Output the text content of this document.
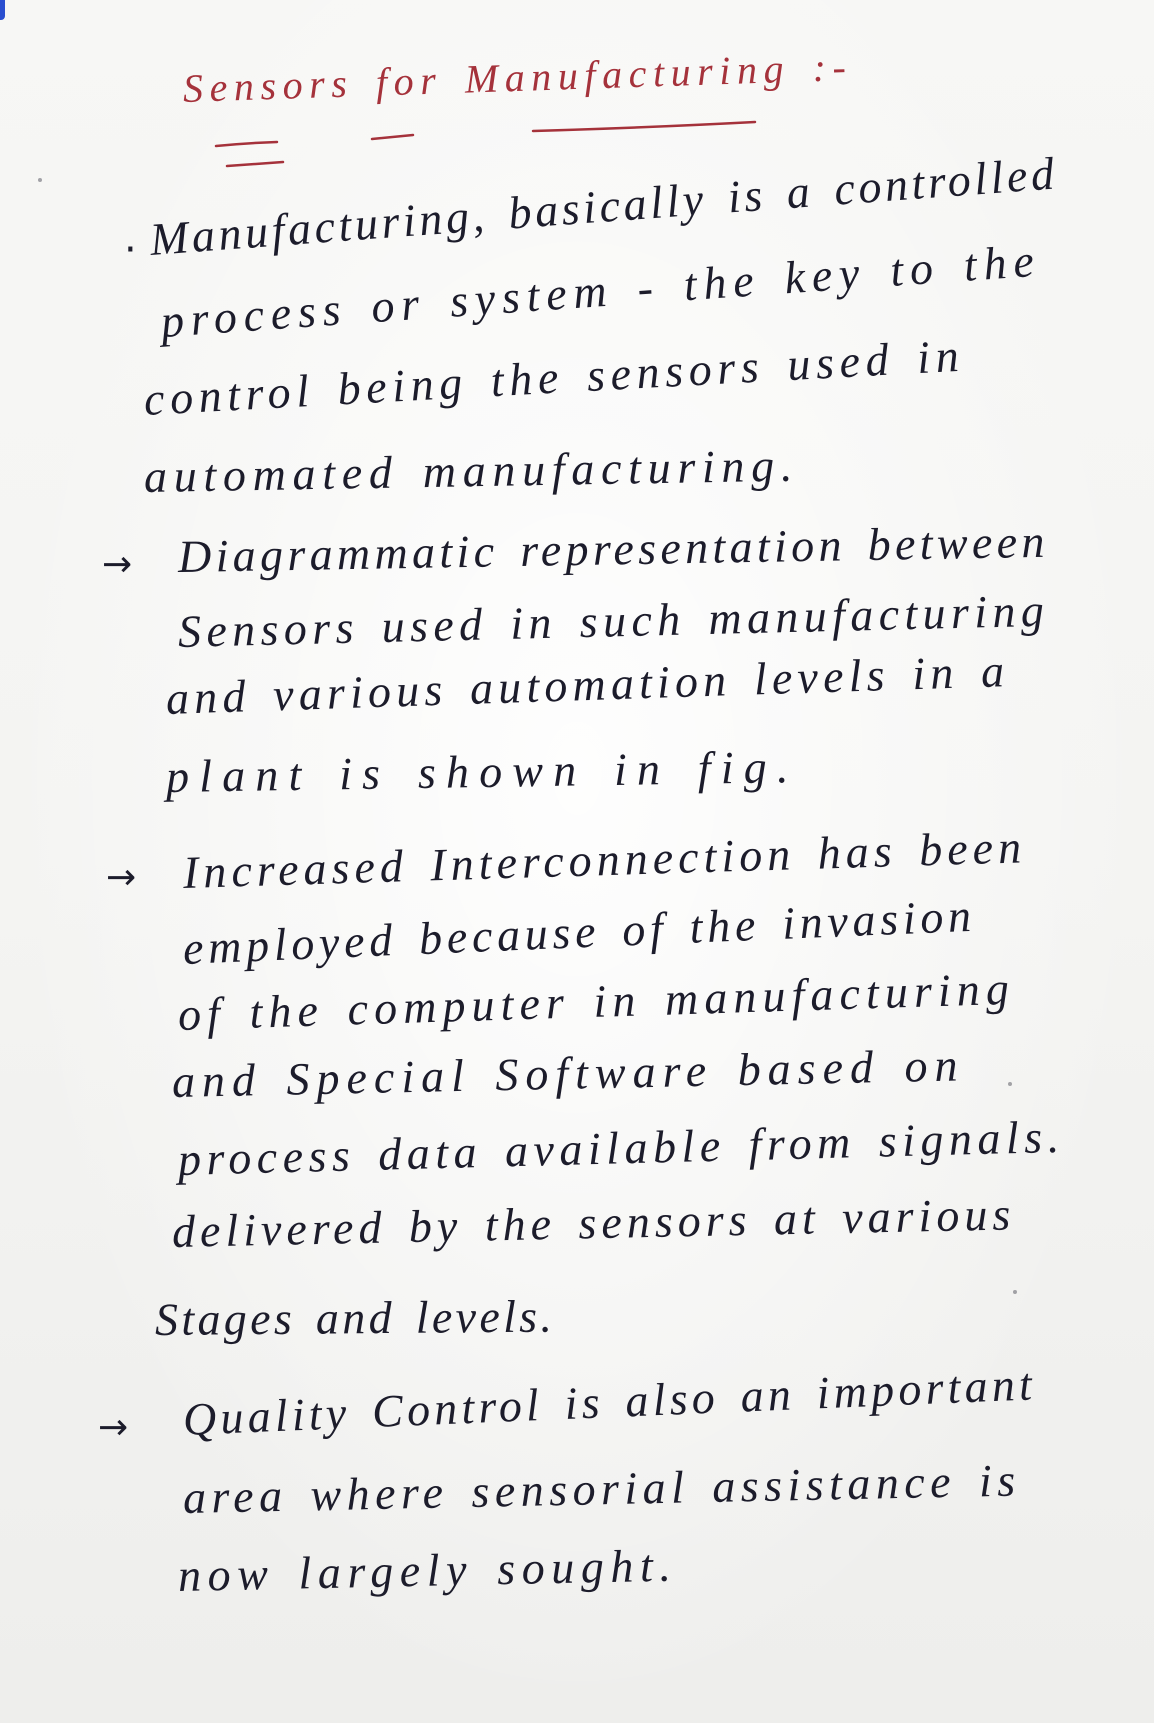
Sensors for Manufacturing :-
· Manufacturing, basically is a controlled
process or system - the key to the
control being the sensors used in
automated manufacturing.
→ Diagrammatic representation between
Sensors used in such manufacturing
and various automation levels in a
plant is shown in fig.
→ Increased Interconnection has been
employed because of the invasion
of the computer in manufacturing
and Special Software based on
process data available from signals.
delivered by the sensors at various
Stages and levels.
→ Quality Control is also an important
area where sensorial assistance is
now largely sought.
